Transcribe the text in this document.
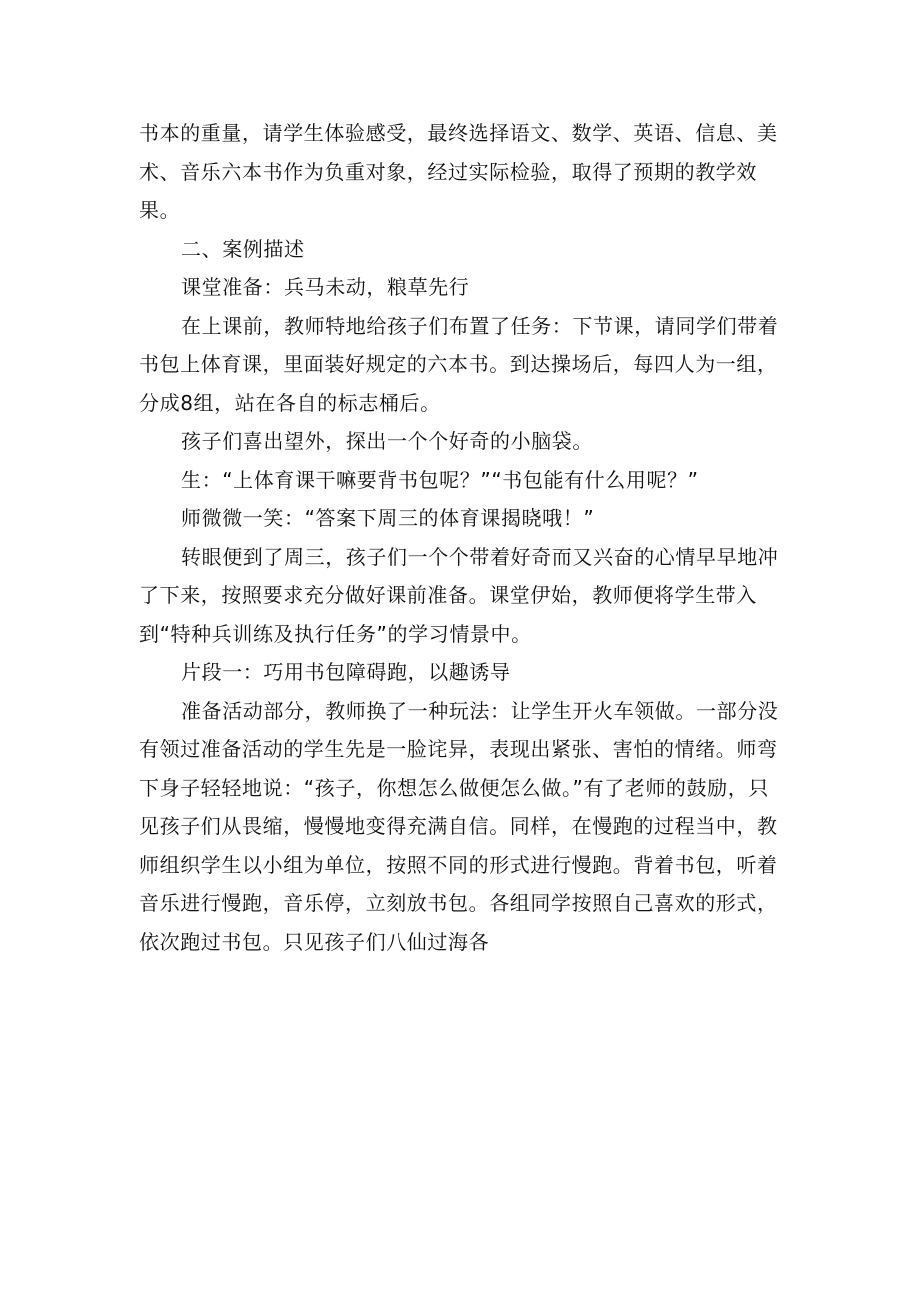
书本的重量，请学生体验感受，最终选择语文、数学、英语、信息、美术、音乐六本书作为负重对象，经过实际检验，取得了预期的教学效果。

二、案例描述

课堂准备：兵马未动，粮草先行

在上课前，教师特地给孩子们布置了任务：下节课，请同学们带着书包上体育课，里面装好规定的六本书。到达操场后，每四人为一组，分成8组，站在各自的标志桶后。

孩子们喜出望外，探出一个个好奇的小脑袋。

生：“上体育课干嘛要背书包呢？”“书包能有什么用呢？”

师微微一笑：“答案下周三的体育课揭晓哦！”

转眼便到了周三，孩子们一个个带着好奇而又兴奋的心情早早地冲了下来，按照要求充分做好课前准备。课堂伊始，教师便将学生带入到“特种兵训练及执行任务”的学习情景中。

片段一：巧用书包障碍跑，以趣诱导

准备活动部分，教师换了一种玩法：让学生开火车领做。一部分没有领过准备活动的学生先是一脸诧异，表现出紧张、害怕的情绪。师弯下身子轻轻地说：“孩子，你想怎么做便怎么做。”有了老师的鼓励，只见孩子们从畏缩，慢慢地变得充满自信。同样，在慢跑的过程当中，教师组织学生以小组为单位，按照不同的形式进行慢跑。背着书包，听着音乐进行慢跑，音乐停，立刻放书包。各组同学按照自己喜欢的形式，依次跑过书包。只见孩子们八仙过海各
